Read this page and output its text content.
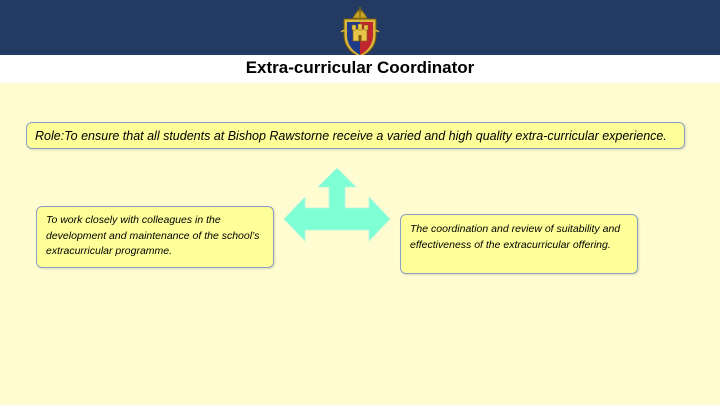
Extra-curricular Coordinator
Role:To ensure that all students at Bishop Rawstorne receive a varied and high quality extra-curricular experience.
To work closely with colleagues in the development and maintenance of the school’s extracurricular programme.
The coordination and review of suitability and effectiveness of the extracurricular offering.
